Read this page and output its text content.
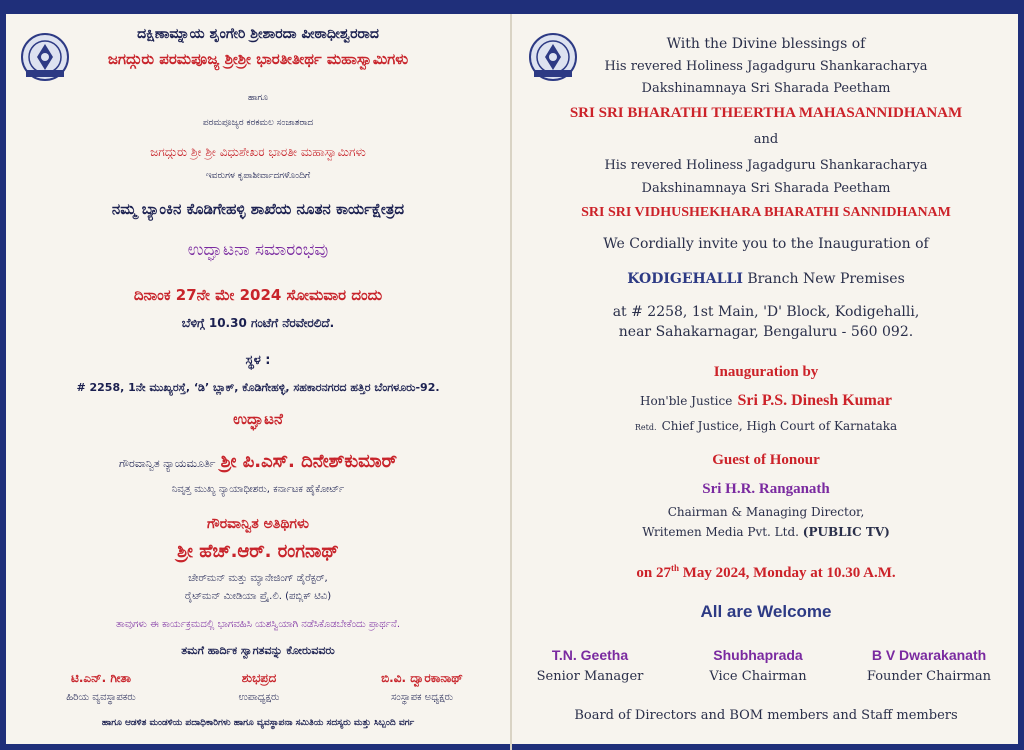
ದಕ್ಷಿಣಾಮ್ನಾಯ ಶೃಂಗೇರಿ ಶ್ರೀಶಾರದಾ ಪೀಠಾಧೀಶ್ವರರಾದ
ಜಗದ್ಗುರು ಪರಮಪೂಜ್ಯ ಶ್ರೀಶ್ರೀ ಭಾರತೀತೀರ್ಥ ಮಹಾಸ್ವಾಮಿಗಳು
ಹಾಗೂ
ಪರಮಪೂಜ್ಯರ ಕರಕಮಲ ಸಂಜಾತರಾದ
ಜಗದ್ಗುರು ಶ್ರೀ ಶ್ರೀ ವಿಧುಶೇಖರ ಭಾರತೀ ಮಹಾಸ್ವಾಮಿಗಳು
ಇವರುಗಳ ಕೃಪಾಶೀರ್ವಾದಗಳೊಂದಿಗೆ
ನಮ್ಮ ಬ್ಯಾಂಕಿನ ಕೊಡಿಗೇಹಳ್ಳಿ ಶಾಖೆಯ ನೂತನ ಕಾರ್ಯಕ್ಷೇತ್ರದ
ಉದ್ಘಾಟನಾ ಸಮಾರಂಭವು
ದಿನಾಂಕ 27ನೇ ಮೇ 2024 ಸೋಮವಾರ ದಂದು
ಬೆಳಿಗ್ಗೆ 10.30 ಗಂಟೆಗೆ ನೆರವೇರಲಿದೆ.
ಸ್ಥಳ :
# 2258, 1ನೇ ಮುಖ್ಯರಸ್ತೆ, ‘ಡಿ’ ಬ್ಲಾಕ್, ಕೊಡಿಗೇಹಳ್ಳಿ, ಸಹಕಾರನಗರದ ಹತ್ತಿರ ಬೆಂಗಳೂರು-92.
ಉದ್ಘಾಟನೆ
ಗೌರವಾನ್ವಿತ ನ್ಯಾಯಮೂರ್ತಿ ಶ್ರೀ ಪಿ.ಎಸ್. ದಿನೇಶ್‌ಕುಮಾರ್
ನಿವೃತ್ತ ಮುಖ್ಯ ನ್ಯಾಯಾಧೀಶರು, ಕರ್ನಾಟಕ ಹೈಕೋರ್ಟ್
ಗೌರವಾನ್ವಿತ ಅತಿಥಿಗಳು
ಶ್ರೀ ಹೆಚ್.ಆರ್. ರಂಗನಾಥ್
ಚೇರ್‌ಮನ್ ಮತ್ತು ಮ್ಯಾನೇಜಿಂಗ್ ಡೈರೆಕ್ಟರ್,
ರೈಟ್‌ಮನ್ ಮೀಡಿಯಾ ಪ್ರೈ.ಲಿ. (ಪಬ್ಲಿಕ್ ಟಿವಿ)
ತಾವುಗಳು ಈ ಕಾರ್ಯಕ್ರಮದಲ್ಲಿ ಭಾಗವಹಿಸಿ ಯಶಸ್ವಿಯಾಗಿ ನಡೆಸಿಕೊಡಬೇಕೆಂದು ಪ್ರಾರ್ಥನೆ.
ತಮಗೆ ಹಾರ್ದಿಕ ಸ್ವಾಗತವನ್ನು ಕೋರುವವರು
ಟಿ.ಎನ್. ಗೀತಾ
ಹಿರಿಯ ವ್ಯವಸ್ಥಾಪಕರು
ಶುಭಪ್ರದ
ಉಪಾಧ್ಯಕ್ಷರು
ಬಿ.ವಿ. ದ್ವಾರಕಾನಾಥ್
ಸಂಸ್ಥಾಪಕ ಅಧ್ಯಕ್ಷರು
ಹಾಗೂ ಆಡಳಿತ ಮಂಡಳಿಯ ಪದಾಧಿಕಾರಿಗಳು ಹಾಗೂ ವ್ಯವಸ್ಥಾಪನಾ ಸಮಿತಿಯ ಸದಸ್ಯರು ಮತ್ತು ಸಿಬ್ಬಂದಿ ವರ್ಗ
With the Divine blessings of
His revered Holiness Jagadguru Shankaracharya
Dakshinamnaya Sri Sharada Peetham
SRI SRI BHARATHI THEERTHA MAHASANNIDHANAM
and
His revered Holiness Jagadguru Shankaracharya
Dakshinamnaya Sri Sharada Peetham
SRI SRI VIDHUSHEKHARA BHARATHI SANNIDHANAM
We Cordially invite you to the Inauguration of
KODIGEHALLI Branch New Premises
at # 2258, 1st Main, 'D' Block, Kodigehalli,
near Sahakarnagar, Bengaluru - 560 092.
Inauguration by
Hon'ble Justice Sri P.S. Dinesh Kumar
Retd. Chief Justice, High Court of Karnataka
Guest of Honour
Sri H.R. Ranganath
Chairman & Managing Director,
Writemen Media Pvt. Ltd. (PUBLIC TV)
on 27th May 2024, Monday at 10.30 A.M.
All are Welcome
T.N. Geetha
Senior Manager
Shubhaprada
Vice Chairman
B V Dwarakanath
Founder Chairman
Board of Directors and BOM members and Staff members
